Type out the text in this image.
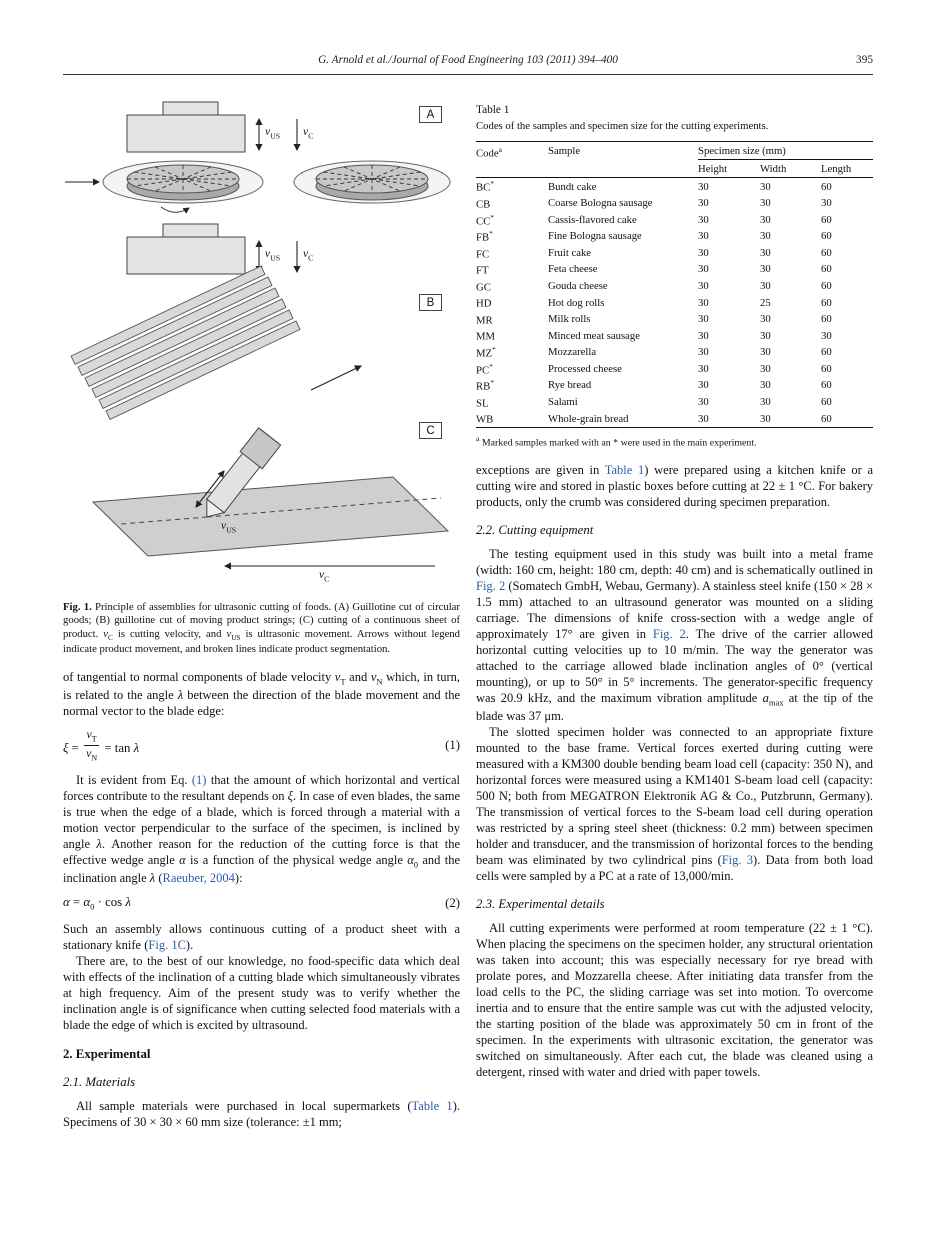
G. Arnold et al./Journal of Food Engineering 103 (2011) 394–400	395
A
B
C
$v_{US}$ $v_C$
$v_{US}$ $v_C$
$v_{US}$
$v_C$
Fig. 1. Principle of assemblies for ultrasonic cutting of foods. (A) Guillotine cut of circular goods; (B) guillotine cut of moving product strings; (C) cutting of a continuous sheet of product. $v_C$ is cutting velocity, and $v_{US}$ is ultrasonic movement. Arrows without legend indicate product movement, and broken lines indicate product segmentation.

of tangential to normal components of blade velocity $v_T$ and $v_N$ which, in turn, is related to the angle λ between the direction of the blade movement and the normal vector to the blade edge:

$\xi = \frac{v_T}{v_N} = \tan \lambda$	(1)

It is evident from Eq. (1) that the amount of which horizontal and vertical forces contribute to the resultant depends on ξ. In case of even blades, the same is true when the edge of a blade, which is forced through a material with a motion vector perpendicular to the surface of the specimen, is inclined by angle λ. Another reason for the reduction of the cutting force is that the effective wedge angle α is a function of the physical wedge angle $\alpha_0$ and the inclination angle λ (Raeuber, 2004):

$\alpha = \alpha_0 \cdot \cos \lambda$	(2)

Such an assembly allows continuous cutting of a product sheet with a stationary knife (Fig. 1C).

There are, to the best of our knowledge, no food-specific data which deal with effects of the inclination of a cutting blade which simultaneously vibrates at high frequency. Aim of the present study was to verify whether the inclination angle is of significance when cutting selected food materials with a blade the edge of which is excited by ultrasound.

2. Experimental
2.1. Materials

All sample materials were purchased in local supermarkets (Table 1). Specimens of 30 × 30 × 60 mm size (tolerance: ±1 mm;

Table 1
Codes of the samples and specimen size for the cutting experiments.
Code$^a$	Sample	Specimen size (mm)		
		Height	Width	Length
BC*	Bundt cake	30	30	60
CB	Coarse Bologna sausage	30	30	30
CC*	Cassis-flavored cake	30	30	60
FB*	Fine Bologna sausage	30	30	60
FC	Fruit cake	30	30	60
FT	Feta cheese	30	30	60
GC	Gouda cheese	30	30	60
HD	Hot dog rolls	30	25	60
MR	Milk rolls	30	30	60
MM	Minced meat sausage	30	30	30
MZ*	Mozzarella	30	30	60
PC*	Processed cheese	30	30	60
RB*	Rye bread	30	30	60
SL	Salami	30	30	60
WB	Whole-grain bread	30	30	60

$^a$ Marked samples marked with an * were used in the main experiment.

exceptions are given in Table 1) were prepared using a kitchen knife or a cutting wire and stored in plastic boxes before cutting at 22 ± 1 °C. For bakery products, only the crumb was considered during specimen preparation.

2.2. Cutting equipment

The testing equipment used in this study was built into a metal frame (width: 160 cm, height: 180 cm, depth: 40 cm) and is schematically outlined in Fig. 2 (Somatech GmbH, Webau, Germany). A stainless steel knife (150 × 28 × 1.5 mm) attached to an ultrasound generator was mounted on a sliding carriage. The dimensions of knife cross-section with a wedge angle of approximately 17° are given in Fig. 2. The drive of the carrier allowed horizontal cutting velocities up to 10 m/min. The way the generator was attached to the carriage allowed blade inclination angles of 0° (vertical mounting), or up to 50° in 5° increments. The generator-specific frequency was 20.9 kHz, and the maximum vibration amplitude $a_{max}$ at the tip of the blade was 37 μm.

The slotted specimen holder was connected to an appropriate fixture mounted to the base frame. Vertical forces exerted during cutting were measured with a KM300 double bending beam load cell (capacity: 350 N), and horizontal forces were measured using a KM1401 S-beam load cell (capacity: 500 N; both from MEGATRON Elektronik AG & Co., Putzbrunn, Germany). The transmission of vertical forces to the S-beam load cell during operation was restricted by a spring steel sheet (thickness: 0.2 mm) between specimen holder and transducer, and the transmission of horizontal forces to the bending beam was eliminated by two cylindrical pins (Fig. 3). Data from both load cells were sampled by a PC at a rate of 13,000/min.

2.3. Experimental details

All cutting experiments were performed at room temperature (22 ± 1 °C). When placing the specimens on the specimen holder, any structural orientation was taken into account; this was especially necessary for rye bread with prolate pores, and Mozzarella cheese. After initiating data transfer from the load cells to the PC, the sliding carriage was set into motion. To overcome inertia and to ensure that the entire sample was cut with the adjusted velocity, the starting position of the blade was approximately 50 cm in front of the specimen. In the experiments with ultrasonic excitation, the generator was switched on simultaneously. After each cut, the blade was cleaned using a detergent, rinsed with water and dried with paper towels.
